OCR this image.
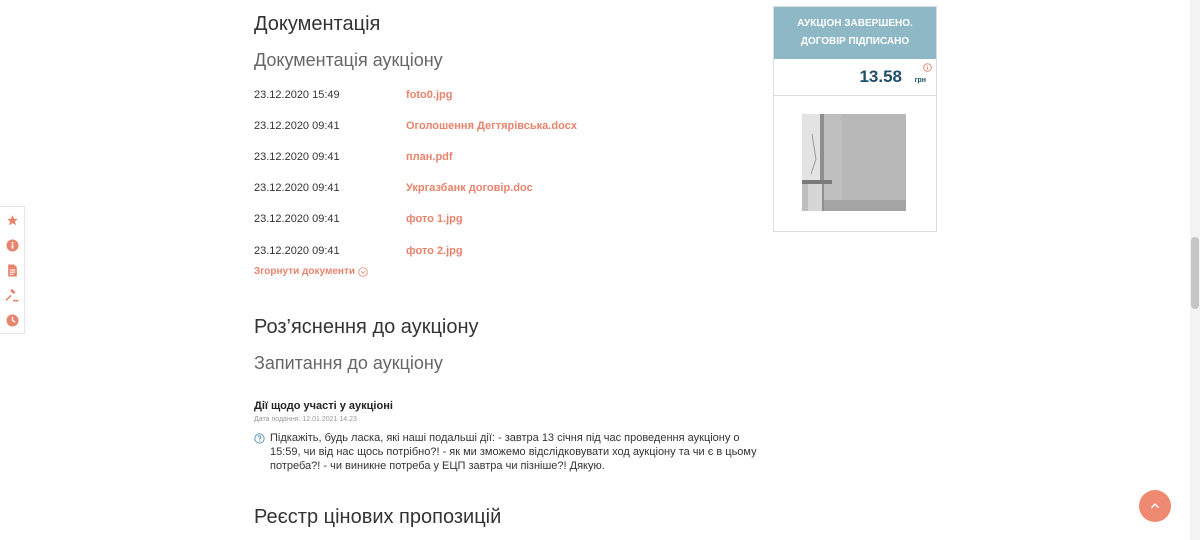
Документація
Документація аукціону
23.12.2020 15:49	foto0.jpg
23.12.2020 09:41	Оголошення Дегтярівська.docx
23.12.2020 09:41	план.pdf
23.12.2020 09:41	Укргазбанк договір.doc
23.12.2020 09:41	фото 1.jpg
23.12.2020 09:41	фото 2.jpg
Згорнути документи
Роз’яснення до аукціону
Запитання до аукціону
Дії щодо участі у аукціоні
Дата подання: 12.01.2021 14:23
Підкажіть, будь ласка, які наші подальші дії: - завтра 13 січня під час проведення аукціону о 15:59, чи від нас щось потрібно?! - як ми зможемо відслідковувати ход аукціону та чи є в цьому потреба?! - чи виникне потреба у ЕЦП завтра чи пізніше?! Дякую.
Реєстр цінових пропозицій
АУКЦІОН ЗАВЕРШЕНО.
ДОГОВІР ПІДПИСАНО
13.58 грн
